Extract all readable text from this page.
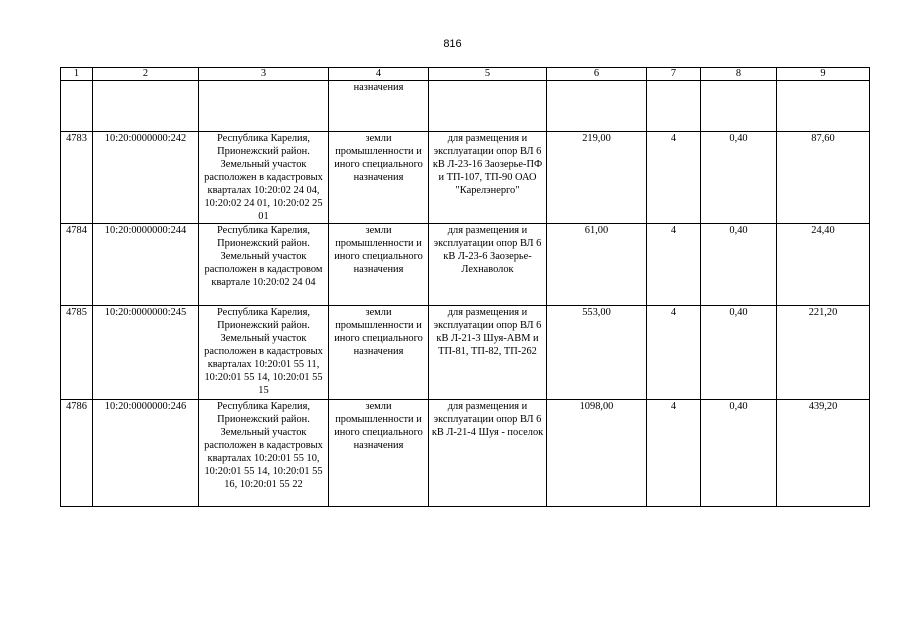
816
1	2	3	4	5	6	7	8	9
			назначения					
4783	10:20:0000000:242	Республика Карелия, Прионежский район. Земельный участок расположен в кадастровых кварталах 10:20:02 24 04, 10:20:02 24 01, 10:20:02 25 01	земли промышленности и иного специального назначения	для размещения и эксплуатации опор ВЛ 6 кВ Л-23-16 Заозерье-ПФ и ТП-107, ТП-90 ОАО "Карелэнерго"	219,00	4	0,40	87,60
4784	10:20:0000000:244	Республика Карелия, Прионежский район. Земельный участок расположен в кадастровом квартале 10:20:02 24 04	земли промышленности и иного специального назначения	для размещения и эксплуатации опор ВЛ 6 кВ Л-23-6 Заозерье-Лехнаволок	61,00	4	0,40	24,40
4785	10:20:0000000:245	Республика Карелия, Прионежский район. Земельный участок расположен в кадастровых кварталах 10:20:01 55 11, 10:20:01 55 14, 10:20:01 55 15	земли промышленности и иного специального назначения	для размещения и эксплуатации опор ВЛ 6 кВ Л-21-3 Шуя-АВМ и ТП-81, ТП-82, ТП-262	553,00	4	0,40	221,20
4786	10:20:0000000:246	Республика Карелия, Прионежский район. Земельный участок расположен в кадастровых кварталах 10:20:01 55 10, 10:20:01 55 14, 10:20:01 55 16, 10:20:01 55 22	земли промышленности и иного специального назначения	для размещения и эксплуатации опор ВЛ 6 кВ Л-21-4 Шуя - поселок	1098,00	4	0,40	439,20
